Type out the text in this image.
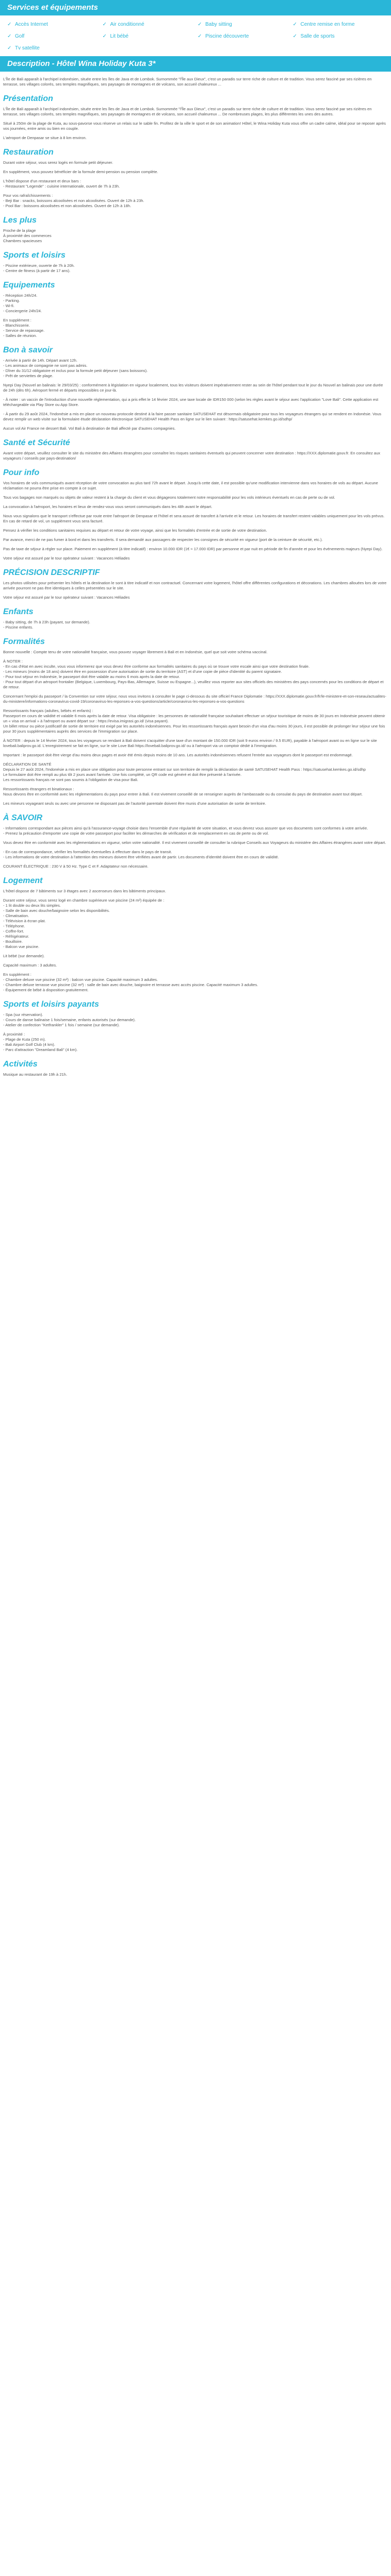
Services et équipements
✓ Accès Internet	✓ Air conditionné	✓ Baby sitting	✓ Centre remise en forme
✓ Golf	✓ Lit bébé	✓ Piscine découverte	✓ Salle de sports
✓ Tv satellite
Description - Hôtel Wina Holiday Kuta 3*

L'Île de Bali apparaît à l'archipel indonésien, située entre les îles de Java et de Lombok. Surnommée "l'Île aux Dieux", c'est un paradis sur terre riche de culture et de tradition. Vous serez fasciné par ses rizières en terrasse, ses villages colorés, ses temples magnifiques, ses paysages de montagnes et de volcans, son accueil chaleureux ...

Présentation

L'Île de Bali apparaît à l'archipel indonésien, située entre les îles de Java et de Lombok. Surnommée "l'Île aux Dieux", c'est un paradis sur terre riche de culture et de tradition. Vous serez fasciné par ses rizières en terrasse, ses villages colorés, ses temples magnifiques, ses paysages de montagnes et de volcans, son accueil chaleureux ... De nombreuses plages, les plus différentes les unes des autres.

Situé à 250m de la plage de Kuta, au sous-pavorse vous réserve un relais sur le sable fin. Profitez de la ville le sport et de son animation! Hôtel, le Wina Holiday Kuta vous offre un cadre calme, idéal pour se reposer après vos journées, entre amis ou bien en couple.

L'aéroport de Denpasar se situe à 8 km environ.

Restauration

Durant votre séjour, vous serez logés en formule petit déjeuner.

En supplément, vous pouvez bénéficier de la formule demi-pension ou pension complète.

L'hôtel dispose d'un restaurant et deux bars :
- Restaurant "Legende" : cuisine internationale, ouvert de 7h à 23h.

Pour vos rafraîchissements :
- Beji Bar : snacks, boissons alcoolisées et non alcoolisées. Ouvert de 12h à 23h.
- Pool Bar : boissons alcoolisées et non alcoolisées. Ouvert de 12h à 18h.

Les plus

Proche de la plage
À proximité des commerces
Chambres spacieuses

Sports et loisirs

- Piscine extérieure, ouverte de 7h à 20h.
- Centre de fitness (à partir de 17 ans).

Equipements

- Réception 24h/24.
- Parking.
- Wi-fi.
- Conciergerie 24h/24.

En supplément :
- Blanchisserie.
- Service de repassage.
- Salles de réunion.

Bon à savoir

- Arrivée à partir de 14h. Départ avant 12h.
- Les animaux de compagnie ne sont pas admis.
- Dîner du 31/12 obligatoire et inclus pour la formule petit déjeuner (sans boissons).
- Prêt de serviettes de plage.

Nyepi Day (Nouvel an balinais: le 29/03/25) : conformément à législation en vigueur localement, tous les visiteurs doivent impérativement rester au sein de l'hôtel pendant tout le jour du Nouvel an balinais pour une durée de 24h (dès 6h). Aéroport fermé et départs impossibles ce jour-là.

- À noter : un vaccin de l'introduction d'une nouvelle réglementation, qui a pris effet le 14 février 2024, une taxe locale de IDR150 000 (selon les règles avant le séjour avec l'application "Love Bali". Cette application est téléchargeable via Play Store ou App Store.

- À partir du 29 août 2024, l'Indonésie a mis en place un nouveau protocole destiné à la faire passer sanitaire SATUSEHAT est désormais obligatoire pour tous les voyageurs étrangers qui se rendent en Indonésie. Vous devez remplir un web visite sur la formulaire étude déclaration électronique SATUSEHAT Health Pass en ligne sur le lien suivant : https://satusehat.kemkes.go.id/sdhp/

Aucun vol Air France ne dessert Bali. Vol Bali à destination de Bali affecté par d'autres compagnies.

Santé et Sécurité

Avant votre départ, veuillez consulter le site du ministère des Affaires étrangères pour connaître les risques sanitaires éventuels qui peuvent concerner votre destination : https://XXX.diplomatie.gouv.fr. En consultez aux voyageurs / conseils par pays-destination/

Pour info

Vos horaires de vols communiqués avant réception de votre convocation au plus tard 72h avant le départ. Jusqu'à cette date, il est possible qu'une modification intervienne dans vos horaires de vols au départ. Aucune réclamation ne pourra être prise en compte à ce sujet.

Tous vos bagages non marqués ou objets de valeur restent à la charge du client et vous dégageons totalement notre responsabilité pour les vols intérieurs éventuels en cas de perte ou de vol.

La convocation à l'aéroport, les horaires et lieux de rendez-vous vous seront communiqués dans les 48h avant le départ.

Nous vous signalons que le transport s'effectue par route entre l'aéroport de Denpasar et l'hôtel et sera assuré de transfert à l'arrivée et le retour. Les horaires de transfert restent valables uniquement pour les vols prévus. En cas de retard de vol, un supplément vous sera facturé.

Pensez à vérifier les conditions sanitaires requises au départ et retour de votre voyage, ainsi que les formalités d'entrée et de sortie de votre destination.

Par avance, merci de ne pas fumer à bord et dans les transferts. Il sera demandé aux passagers de respecter les consignes de sécurité en vigueur (port de la ceinture de sécurité, etc.).

Pas de taxe de séjour à régler sur place. Paiement en supplément (à titre indicatif) : environ 10.000 IDR (1€ ≈ 17.000 IDR) par personne et par nuit en période de fin d'année et pour les événements majeurs (Nyepi Day).

Votre séjour est assuré par le tour opérateur suivant : Vacances Héliades

PRÉCISION DESCRIPTIF

Les photos utilisées pour présenter les hôtels et la destination le sont à titre indicatif et non contractuel. Concernant votre logement, l'hôtel offre différentes configurations et décorations. Les chambres allouées lors de votre arrivée pourront ne pas être identiques à celles présentées sur le site.

Votre séjour est assuré par le tour opérateur suivant : Vacances Héliades

Enfants

- Baby sitting, de 7h à 23h (payant, sur demande).
- Piscine enfants.

Formalités

Bonne nouvelle : Compte tenu de votre nationalité française, vous pouvez voyager librement à Bali et en Indonésie, quel que soit votre schéma vaccinal.

À NOTER :
- En cas d'état en avec inculte, vous vous informerez que vous devez être conforme aux formalités sanitaires du pays où se trouve votre escale ainsi que votre destination finale.
- Les mineurs (moins de 18 ans) doivent être en possession d'une autorisation de sortie du territoire (AST) et d'une copie de pièce d'identité du parent signataire.
- Pour tout séjour en Indonésie, le passeport doit être valable au moins 6 mois après la date de retour.
- Pour tout départ d'un aéroport frontalier (Belgique, Luxembourg, Pays-Bas, Allemagne, Suisse ou Espagne...), veuillez vous reporter aux sites officiels des ministères des pays concernés pour les conditions de départ et de retour.

Concernant l'emploi du passeport / la Convention sur votre séjour, nous vous invitons à consulter le page ci-dessous du site officiel France Diplomatie : https://XXX.diplomatie.gouv.fr/fr/le-ministere-et-son-reseau/actualites-du-ministere/informations-coronavirus-covid-19/coronavirus-les-reponses-a-vos-questions/article/coronavirus-les-reponses-a-vos-questions

Ressortissants français (adultes, bébés et enfants) :
Passeport en cours de validité et valable 6 mois après la date de retour. Visa obligatoire : les personnes de nationalité française souhaitant effectuer un séjour touristique de moins de 30 jours en Indonésie peuvent obtenir un « visa on arrival » à l'aéroport ou avant départ sur : https://evisa.imigrasi.go.id/ (visa payant).
Un billet retour ou pièce justificatif de sortie de territoire est exigé par les autorités indonésiennes. Pour les ressortissants français ayant besoin d'un visa d'au moins 30 jours, il est possible de prolonger leur séjour une fois pour 30 jours supplémentaires auprès des services de l'immigration sur place.

À NOTER : depuis le 14 février 2024, tous les voyageurs se rendant à Bali doivent s'acquitter d'une taxe d'un montant de 150.000 IDR (soit 9 euros environ / 9.5 EUR), payable à l'aéroport avant ou en ligne sur le site lovebali.baliprov.go.id. L'enregistrement se fait en ligne, sur le site Love Bali https://lovebali.baliprov.go.id/ ou à l'aéroport via un comptoir dédié à l'immigration.

Important : le passeport doit être vierge d'au moins deux pages et avoir été émis depuis moins de 10 ans. Les autorités indonésiennes refusent l'entrée aux voyageurs dont le passeport est endommagé.

DÉCLARATION DE SANTÉ
Depuis le 27 août 2024, l'Indonésie a mis en place une obligation pour toute personne entrant sur son territoire de remplir la déclaration de santé SATUSEHAT Health Pass : https://satusehat.kemkes.go.id/sdhp
Le formulaire doit être rempli au plus tôt 2 jours avant l'arrivée. Une fois complété, un QR code est généré et doit être présenté à l'arrivée.
Les ressortissants français ne sont pas soumis à l'obligation de visa pour Bali.

Ressortissants étrangers et binationaux :
Nous devons être en conformité avec les réglementations du pays pour entrer à Bali. Il est vivement conseillé de se renseigner auprès de l'ambassade ou du consulat du pays de destination avant tout départ.

Les mineurs voyageant seuls ou avec une personne ne disposant pas de l'autorité parentale doivent être munis d'une autorisation de sortie de territoire.

À SAVOIR

- Informations correspondant aux pièces ainsi qu'à l'assurance-voyage choisie dans l'ensemble d'une régularité de votre situation, et vous devrez vous assurer que vos documents sont conformes à votre arrivée.
- Prenez la précaution d'emporter une copie de votre passeport pour faciliter les démarches de vérification et de remplacement en cas de perte ou de vol.

Vous devez être en conformité avec les réglementations en vigueur, selon votre nationalité. Il est vivement conseillé de consulter la rubrique Conseils aux Voyageurs du ministère des Affaires étrangères avant votre départ.

- En cas de correspondance, vérifier les formalités éventuelles à effectuer dans le pays de transit.
- Les informations de votre destination à l'attention des mineurs doivent être vérifiées avant de partir. Les documents d'identité doivent être en cours de validité.

COURANT ÉLECTRIQUE : 230 V à 50 Hz. Type C et F. Adaptateur non nécessaire.

Logement

L'hôtel dispose de 7 bâtiments sur 3 étages avec 2 ascenseurs dans les bâtiments principaux.

Durant votre séjour, vous serez logé en chambre supérieure vue piscine (24 m²) équipée de :
- 1 lit double ou deux lits simples.
- Salle de bain avec douche/baignoire selon les disponibilités.
- Climatisation.
- Télévision à écran plat.
- Téléphone.
- Coffre-fort.
- Réfrigérateur.
- Bouilloire.
- Balcon vue piscine.

Lit bébé (sur demande).

Capacité maximum : 3 adultes.

En supplément :
- Chambre deluxe vue piscine (32 m²) : balcon vue piscine. Capacité maximum 3 adultes.
- Chambre deluxe terrasse vue piscine (32 m²) : salle de bain avec douche, baignoire et terrasse avec accès piscine. Capacité maximum 3 adultes.
- Équipement de bébé à disposition gratuitement.

Sports et loisirs payants

- Spa (sur réservation).
- Cours de danse balinaise 1 fois/semaine, enfants autorisés (sur demande).
- Atelier de confection "Ketfrankler" 1 fois / semaine (sur demande).

À proximité :
- Plage de Kuta (250 m).
- Bali Airport Golf Club (4 km).
- Parc d'attraction "Dreamland Bali" (4 km).

Activités

Musique au restaurant de 19h à 21h.
